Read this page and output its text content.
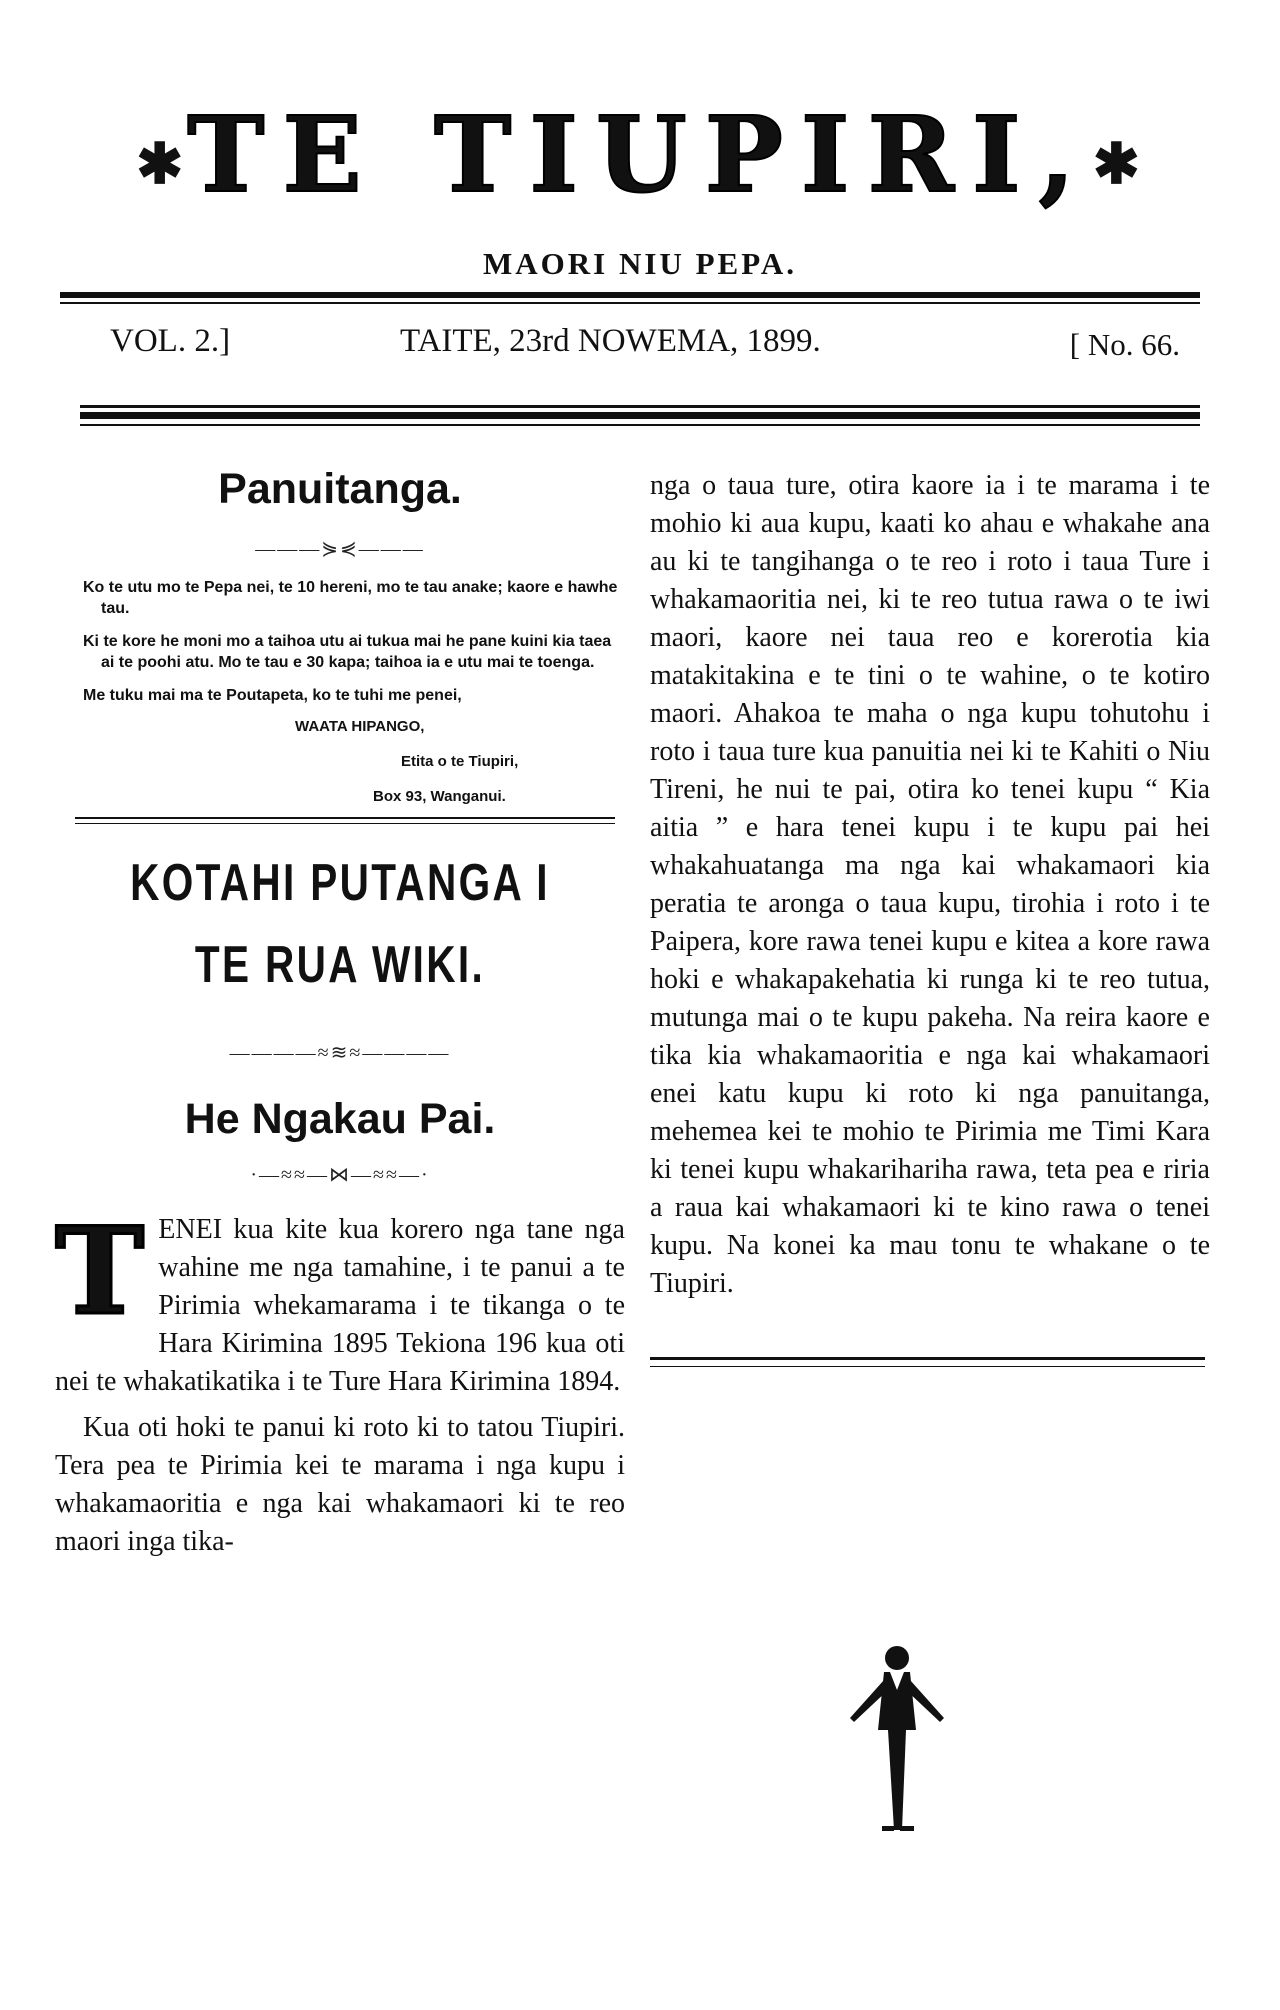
✱TE TIUPIRI,✱
MAORI NIU PEPA.
VOL. 2.]	TAITE, 23rd NOWEMA, 1899.	[ No. 66.
Panuitanga.
———⋟⋞———

Ko te utu mo te Pepa nei, te 10 hereni, mo te tau anake; kaore e hawhe tau.

Ki te kore he moni mo a taihoa utu ai tukua mai he pane kuini kia taea ai te poohi atu. Mo te tau e 30 kapa; taihoa ia e utu mai te toenga.

Me tuku mai ma te Poutapeta, ko te tuhi me penei,

WAATA HIPANGO,
Etita o te Tiupiri,
Box 93, Wanganui.
KOTAHI PUTANGA I TE RUA WIKI.
————≈≋≈————
He Ngakau Pai.
·—≈≈—⋈—≈≈—·

TENEI kua kite kua korero nga tane nga wahine me nga tamahine, i te panui a te Pirimia whekamarama i te tikanga o te Hara Kirimina 1895 Tekiona 196 kua oti nei te whakatikatika i te Ture Hara Kirimina 1894.

Kua oti hoki te panui ki roto ki to tatou Tiupiri. Tera pea te Pirimia kei te marama i nga kupu i whakamaoritia e nga kai whakamaori ki te reo maori inga tika-

nga o taua ture, otira kaore ia i te marama i te mohio ki aua kupu, kaati ko ahau e whakahe ana au ki te tangihanga o te reo i roto i taua Ture i whakamaoritia nei, ki te reo tutua rawa o te iwi maori, kaore nei taua reo e korerotia kia matakitakina e te tini o te wahine, o te kotiro maori. Ahakoa te maha o nga kupu tohutohu i roto i taua ture kua panuitia nei ki te Kahiti o Niu Tireni, he nui te pai, otira ko tenei kupu “ Kia aitia ” e hara tenei kupu i te kupu pai hei whakahuatanga ma nga kai whakamaori kia peratia te aronga o taua kupu, tirohia i roto i te Paipera, kore rawa tenei kupu e kitea a kore rawa hoki e whakapakehatia ki runga ki te reo tutua, mutunga mai o te kupu pakeha. Na reira kaore e tika kia whakamaoritia e nga kai whakamaori enei katu kupu ki roto ki nga panuitanga, mehemea kei te mohio te Pirimia me Timi Kara ki tenei kupu whakarihariha rawa, teta pea e riria a raua kai whakamaori ki te kino rawa o tenei kupu. Na konei ka mau tonu te whakane o te Tiupiri.
